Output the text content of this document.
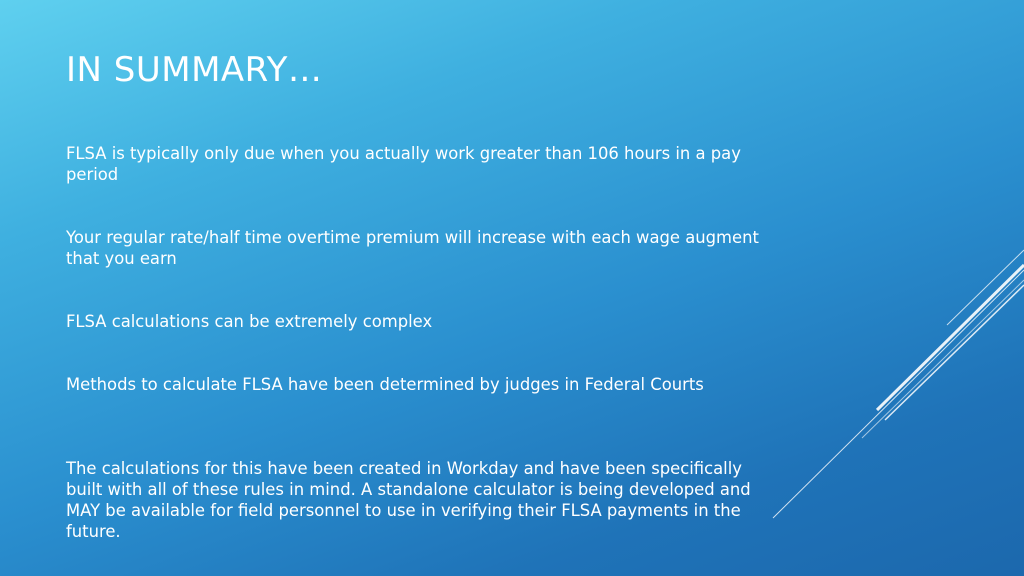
IN SUMMARY…
FLSA is typically only due when you actually work greater than 106 hours in a pay period
Your regular rate/half time overtime premium will increase with each wage augment that you earn
FLSA calculations can be extremely complex
Methods to calculate FLSA have been determined by judges in Federal Courts
The calculations for this have been created in Workday and have been specifically built with all of these rules in mind. A standalone calculator is being developed and MAY be available for field personnel to use in verifying their FLSA payments in the future.
